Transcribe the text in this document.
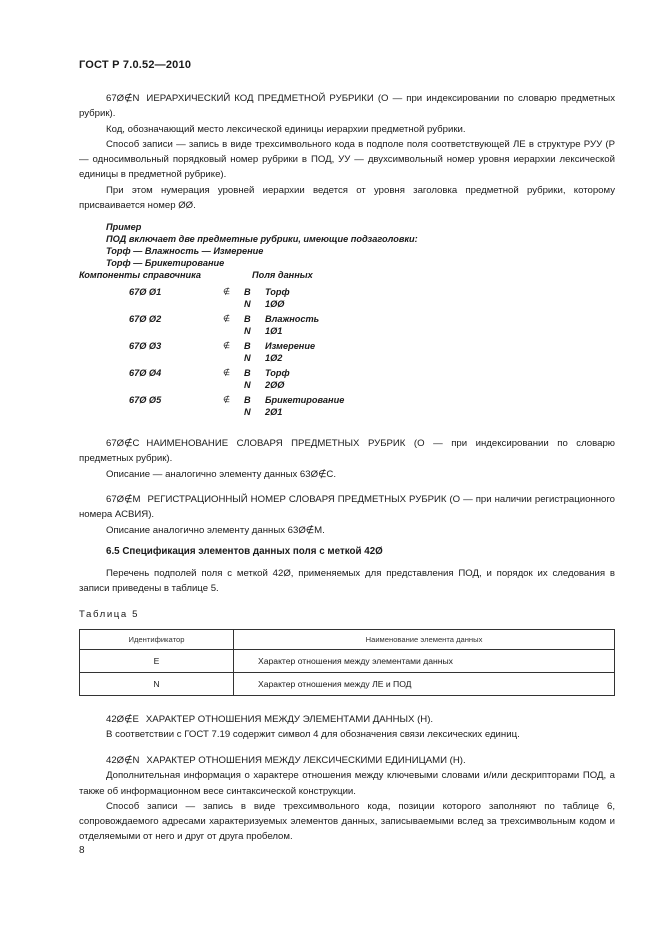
ГОСТ Р 7.0.52—2010

67Ø∉N ИЕРАРХИЧЕСКИЙ КОД ПРЕДМЕТНОЙ РУБРИКИ (О — при индексировании по словарю предметных рубрик).

Код, обозначающий место лексической единицы иерархии предметной рубрики.

Способ записи — запись в виде трехсимвольного кода в подполе поля соответствующей ЛЕ в структуре РУУ (Р — односимвольный порядковый номер рубрики в ПОД, УУ — двухсимвольный номер уровня иерархии лексической единицы в предметной рубрике).

При этом нумерация уровней иерархии ведется от уровня заголовка предметной рубрики, которому присваивается номер ØØ.

Пример
ПОД включает две предметные рубрики, имеющие подзаголовки:
Торф — Влажность — Измерение
Торф — Брикетирование
Компоненты справочника	Поля данных
67Ø Ø1	∉ B Торф
N 1ØØ
67Ø Ø2	∉ B Влажность
N 1Ø1
67Ø Ø3	∉ B Измерение
N 1Ø2
67Ø Ø4	∉ B Торф
N 2ØØ
67Ø Ø5	∉ B Брикетирование
N 2Ø1

67Ø∉C НАИМЕНОВАНИЕ СЛОВАРЯ ПРЕДМЕТНЫХ РУБРИК (О — при индексировании по словарю предметных рубрик).

Описание — аналогично элементу данных 63Ø∉C.

67Ø∉M РЕГИСТРАЦИОННЫЙ НОМЕР СЛОВАРЯ ПРЕДМЕТНЫХ РУБРИК (О — при наличии регистрационного номера АСВИЯ).

Описание аналогично элементу данных 63Ø∉M.

6.5 Спецификация элементов данных поля с меткой 42Ø

Перечень подполей поля с меткой 42Ø, применяемых для представления ПОД, и порядок их следования в записи приведены в таблице 5.

Таблица 5
Идентификатор	Наименование элемента данных
E	Характер отношения между элементами данных
N	Характер отношения между ЛЕ и ПОД

42Ø∉E ХАРАКТЕР ОТНОШЕНИЯ МЕЖДУ ЭЛЕМЕНТАМИ ДАННЫХ (Н).

В соответствии с ГОСТ 7.19 содержит символ 4 для обозначения связи лексических единиц.

42Ø∉N ХАРАКТЕР ОТНОШЕНИЯ МЕЖДУ ЛЕКСИЧЕСКИМИ ЕДИНИЦАМИ (Н).

Дополнительная информация о характере отношения между ключевыми словами и/или дескрипторами ПОД, а также об информационном весе синтаксической конструкции.

Способ записи — запись в виде трехсимвольного кода, позиции которого заполняют по таблице 6, сопровождаемого адресами характеризуемых элементов данных, записываемыми вслед за трехсимвольным кодом и отделяемыми от него и друг от друга пробелом.

8
